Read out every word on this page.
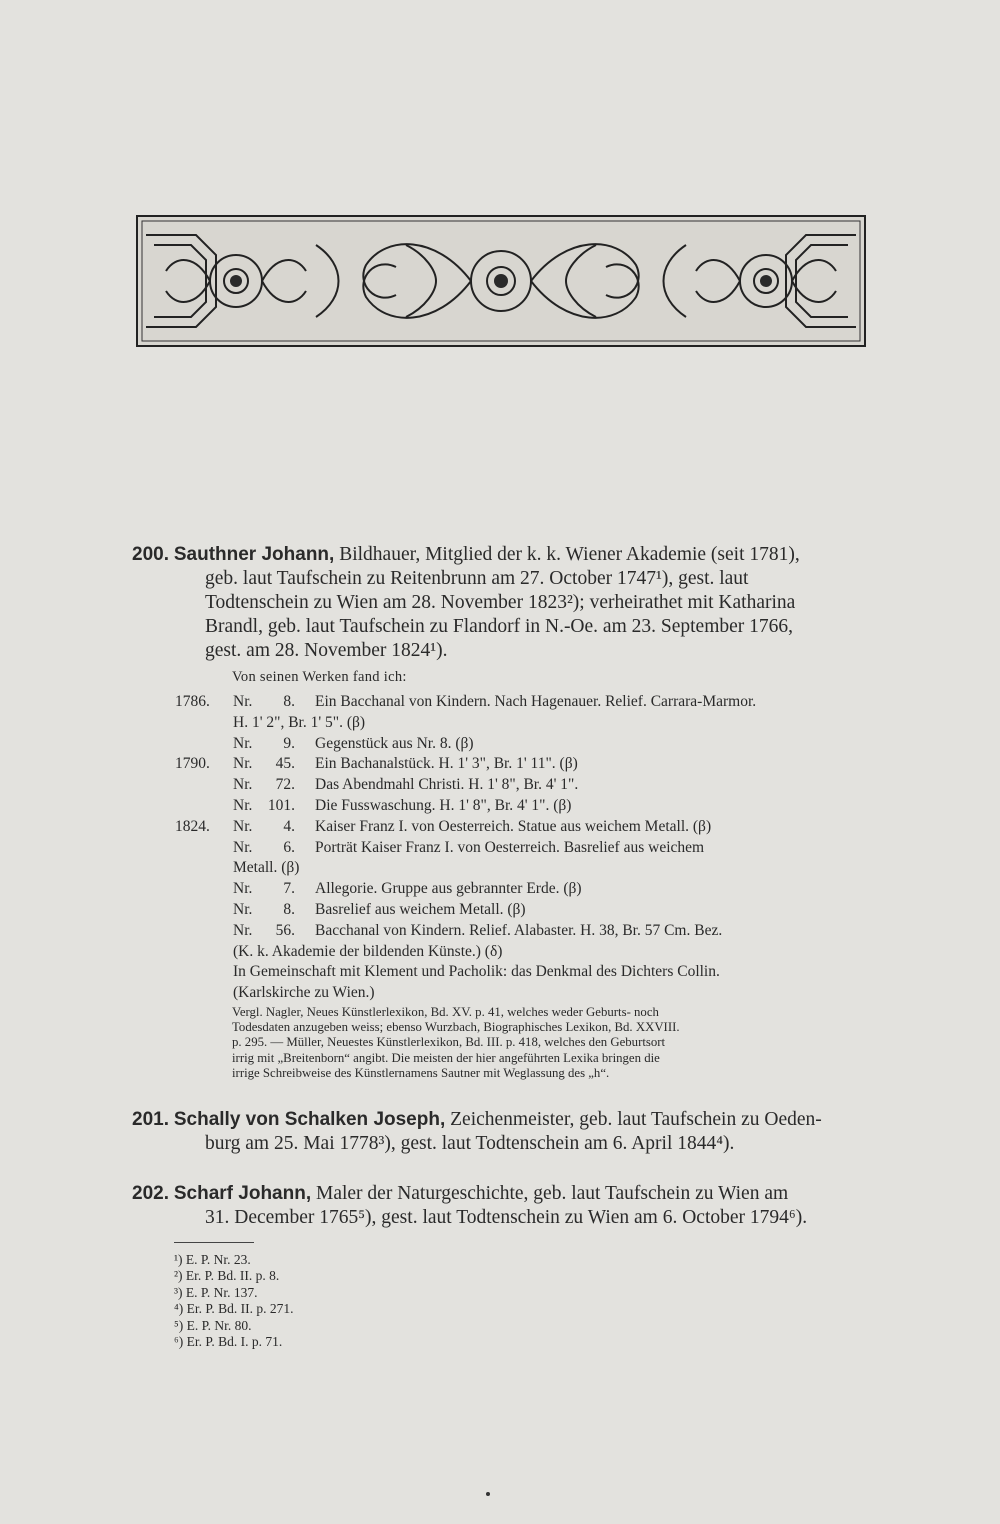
200. Sauthner Johann, Bildhauer, Mitglied der k. k. Wiener Akademie (seit 1781),
geb. laut Taufschein zu Reitenbrunn am 27. October 1747¹), gest. laut
Todtenschein zu Wien am 28. November 1823²); verheirathet mit Katharina
Brandl, geb. laut Taufschein zu Flandorf in N.-Oe. am 23. September 1766,
gest. am 28. November 1824¹).
Von seinen Werken fand ich:
1786.	Nr.	8. Ein Bacchanal von Kindern. Nach Hagenauer. Relief. Carrara-Marmor.
H. 1' 2", Br. 1' 5". (β)
Nr.	9. Gegenstück aus Nr. 8. (β)
1790.	Nr.	45. Ein Bachanalstück. H. 1' 3", Br. 1' 11". (β)
Nr.	72. Das Abendmahl Christi. H. 1' 8", Br. 4' 1".
Nr.	101. Die Fusswaschung. H. 1' 8", Br. 4' 1". (β)
1824.	Nr.	4. Kaiser Franz I. von Oesterreich. Statue aus weichem Metall. (β)
Nr.	6. Porträt Kaiser Franz I. von Oesterreich. Basrelief aus weichem
Metall. (β)
Nr.	7. Allegorie. Gruppe aus gebrannter Erde. (β)
Nr.	8. Basrelief aus weichem Metall. (β)
Nr.	56. Bacchanal von Kindern. Relief. Alabaster. H. 38, Br. 57 Cm. Bez.
(K. k. Akademie der bildenden Künste.) (δ)
In Gemeinschaft mit Klement und Pacholik: das Denkmal des Dichters Collin.
(Karlskirche zu Wien.)
Vergl. Nagler, Neues Künstlerlexikon, Bd. XV. p. 41, welches weder Geburts- noch
Todesdaten anzugeben weiss; ebenso Wurzbach, Biographisches Lexikon, Bd. XXVIII.
p. 295. — Müller, Neuestes Künstlerlexikon, Bd. III. p. 418, welches den Geburtsort
irrig mit „Breitenborn“ angibt. Die meisten der hier angeführten Lexika bringen die
irrige Schreibweise des Künstlernamens Sautner mit Weglassung des „h“.
201. Schally von Schalken Joseph, Zeichenmeister, geb. laut Taufschein zu Oeden-
burg am 25. Mai 1778³), gest. laut Todtenschein am 6. April 1844⁴).
202. Scharf Johann, Maler der Naturgeschichte, geb. laut Taufschein zu Wien am
31. December 1765⁵), gest. laut Todtenschein zu Wien am 6. October 1794⁶).
¹) E. P. Nr. 23.
²) Er. P. Bd. II. p. 8.
³) E. P. Nr. 137.
⁴) Er. P. Bd. II. p. 271.
⁵) E. P. Nr. 80.
⁶) Er. P. Bd. I. p. 71.
